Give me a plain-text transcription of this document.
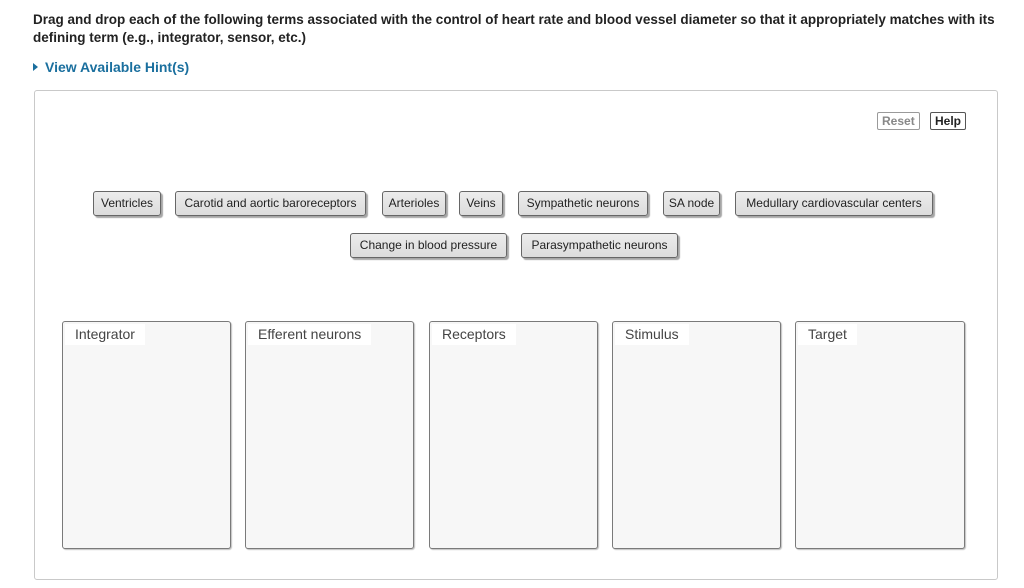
Drag and drop each of the following terms associated with the control of heart rate and blood vessel diameter so that it appropriately matches with its defining term (e.g., integrator, sensor, etc.)
View Available Hint(s)
Reset	Help
Ventricles	Carotid and aortic baroreceptors	Arterioles	Veins	Sympathetic neurons	SA node	Medullary cardiovascular centers
Change in blood pressure	Parasympathetic neurons
Integrator	Efferent neurons	Receptors	Stimulus	Target
